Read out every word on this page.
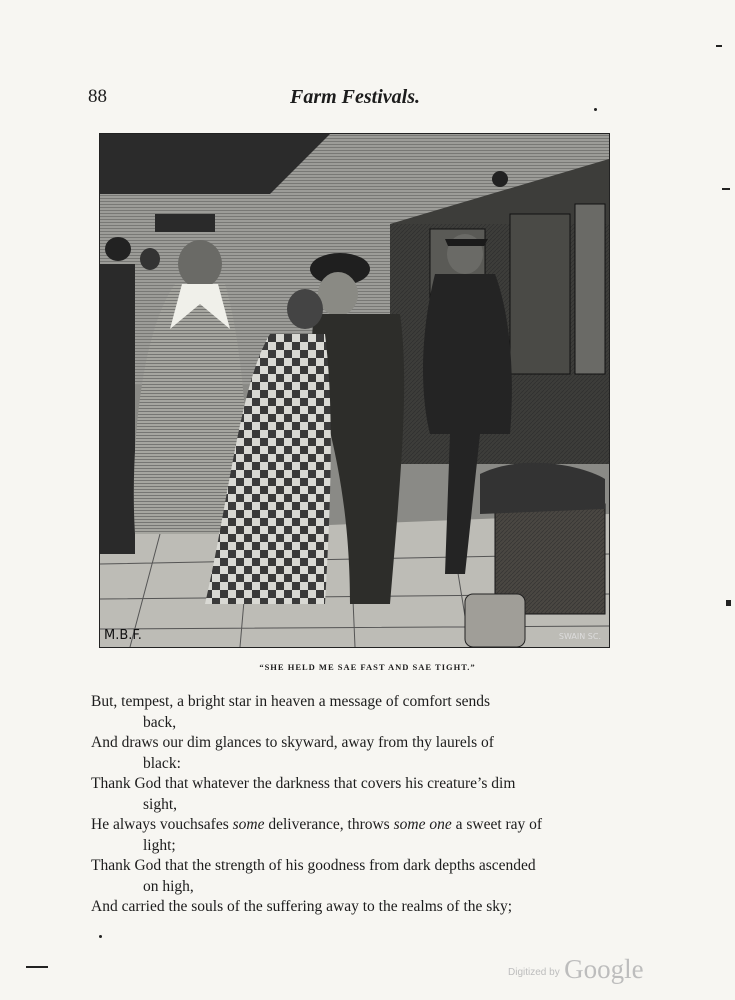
88	Farm Festivals.
M.B.F.	SWAIN SC.
“SHE HELD ME SAE FAST AND SAE TIGHT.”

But, tempest, a bright star in heaven a message of comfort sends

back,

And draws our dim glances to skyward, away from thy laurels of

black:

Thank God that whatever the darkness that covers his creature’s dim

sight,

He always vouchsafes some deliverance, throws some one a sweet ray of

light;

Thank God that the strength of his goodness from dark depths ascended

on high,

And carried the souls of the suffering away to the realms of the sky;

Digitized by Google
